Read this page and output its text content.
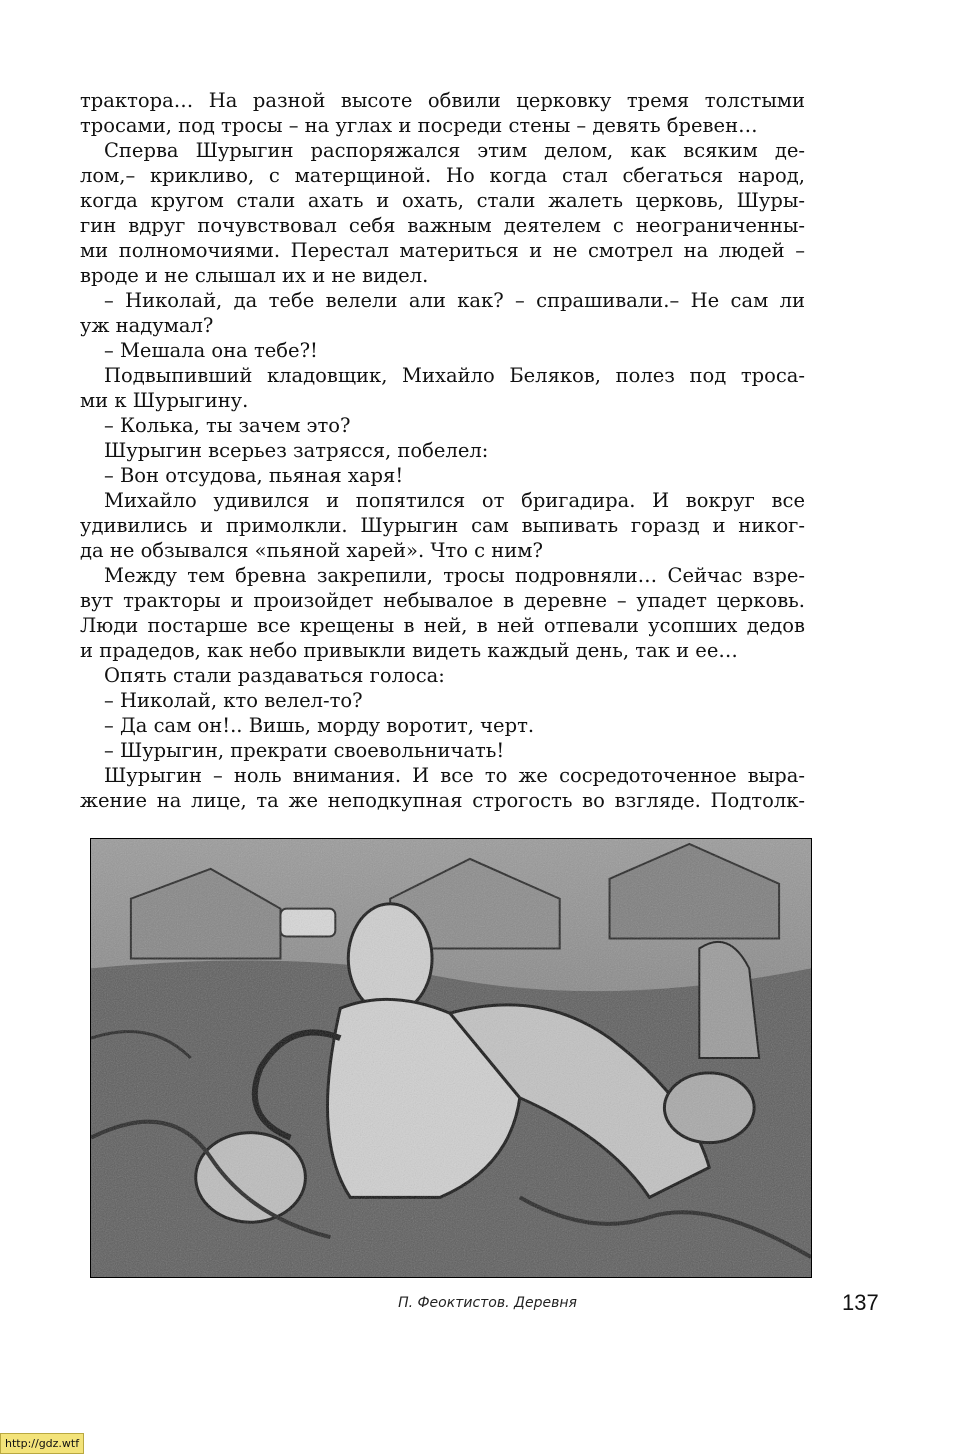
трактора… На разной высоте обвили церковку тремя толстыми
тросами, под тросы – на углах и посреди стены – девять бревен…
Сперва Шурыгин распоряжался этим делом, как всяким де-
лом,– крикливо, с матерщиной. Но когда стал сбегаться народ,
когда кругом стали ахать и охать, стали жалеть церковь, Шуры-
гин вдруг почувствовал себя важным деятелем с неограниченны-
ми полномочиями. Перестал материться и не смотрел на людей –
вроде и не слышал их и не видел.
– Николай, да тебе велели али как? – спрашивали.– Не сам ли
уж надумал?
– Мешала она тебе?!
Подвыпивший кладовщик, Михайло Беляков, полез под троса-
ми к Шурыгину.
– Колька, ты зачем это?
Шурыгин всерьез затрясся, побелел:
– Вон отсудова, пьяная харя!
Михайло удивился и попятился от бригадира. И вокруг все
удивились и примолкли. Шурыгин сам выпивать горазд и никог-
да не обзывался «пьяной харей». Что с ним?
Между тем бревна закрепили, тросы подровняли… Сейчас взре-
вут тракторы и произойдет небывалое в деревне – упадет церковь.
Люди постарше все крещены в ней, в ней отпевали усопших дедов
и прадедов, как небо привыкли видеть каждый день, так и ее…
Опять стали раздаваться голоса:
– Николай, кто велел-то?
– Да сам он!.. Вишь, морду воротит, черт.
– Шурыгин, прекрати своевольничать!
Шурыгин – ноль внимания. И все то же сосредоточенное выра-
жение на лице, та же неподкупная строгость во взгляде. Подтолк-
П. Феоктистов. Деревня	137
http://gdz.wtf
